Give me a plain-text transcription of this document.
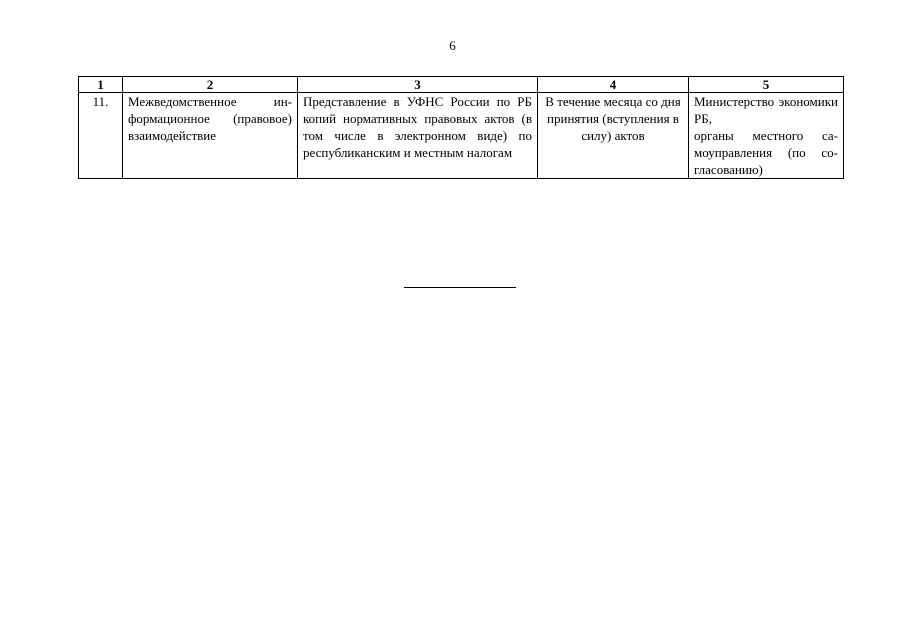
6
1	2	3	4	5
11.	Межведомственное информационное (правовое) взаимодействие	Представление в УФНС России по РБ копий нормативных правовых актов (в том числе в электронном виде) по республиканским и местным налогам	В течение месяца со дня принятия (вступления в силу) актов	Министерство экономики РБ,
органы местного самоуправления (по согласованию)
